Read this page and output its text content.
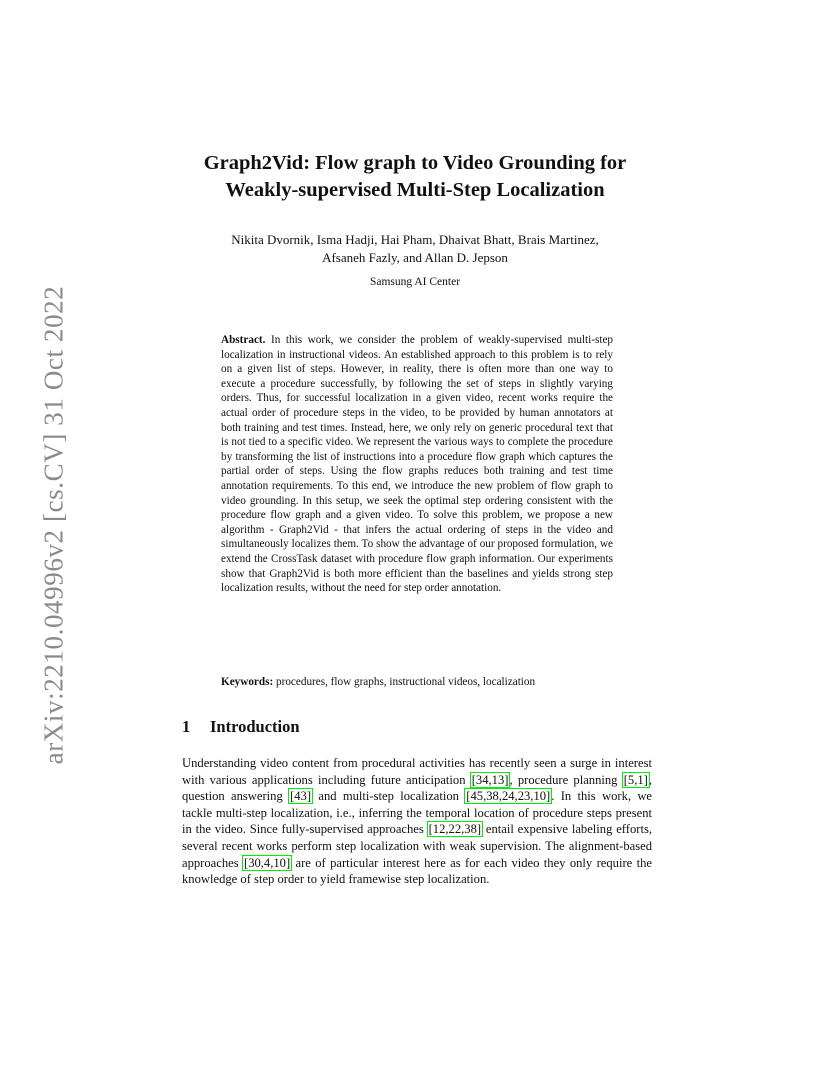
arXiv:2210.04996v2 [cs.CV] 31 Oct 2022
Graph2Vid: Flow graph to Video Grounding for
Weakly-supervised Multi-Step Localization
Nikita Dvornik, Isma Hadji, Hai Pham, Dhaivat Bhatt, Brais Martinez,
Afsaneh Fazly, and Allan D. Jepson
Samsung AI Center
Abstract. In this work, we consider the problem of weakly-supervised multi-step localization in instructional videos. An established approach to this problem is to rely on a given list of steps. However, in reality, there is often more than one way to execute a procedure successfully, by following the set of steps in slightly varying orders. Thus, for successful localization in a given video, recent works require the actual order of procedure steps in the video, to be provided by human annotators at both training and test times. Instead, here, we only rely on generic procedural text that is not tied to a specific video. We represent the various ways to complete the procedure by transforming the list of instructions into a procedure flow graph which captures the partial order of steps. Using the flow graphs reduces both training and test time annotation requirements. To this end, we introduce the new problem of flow graph to video grounding. In this setup, we seek the optimal step ordering consistent with the procedure flow graph and a given video. To solve this problem, we propose a new algorithm - Graph2Vid - that infers the actual ordering of steps in the video and simultaneously localizes them. To show the advantage of our proposed formulation, we extend the CrossTask dataset with procedure flow graph information. Our experiments show that Graph2Vid is both more efficient than the baselines and yields strong step localization results, without the need for step order annotation.
Keywords: procedures, flow graphs, instructional videos, localization
1 Introduction
Understanding video content from procedural activities has recently seen a surge in interest with various applications including future anticipation [34,13], procedure planning [5,1], question answering [43] and multi-step localization [45,38,24,23,10]. In this work, we tackle multi-step localization, i.e., inferring the temporal location of procedure steps present in the video. Since fully-supervised approaches [12,22,38] entail expensive labeling efforts, several recent works perform step localization with weak supervision. The alignment-based approaches [30,4,10] are of particular interest here as for each video they only require the knowledge of step order to yield framewise step localization.
